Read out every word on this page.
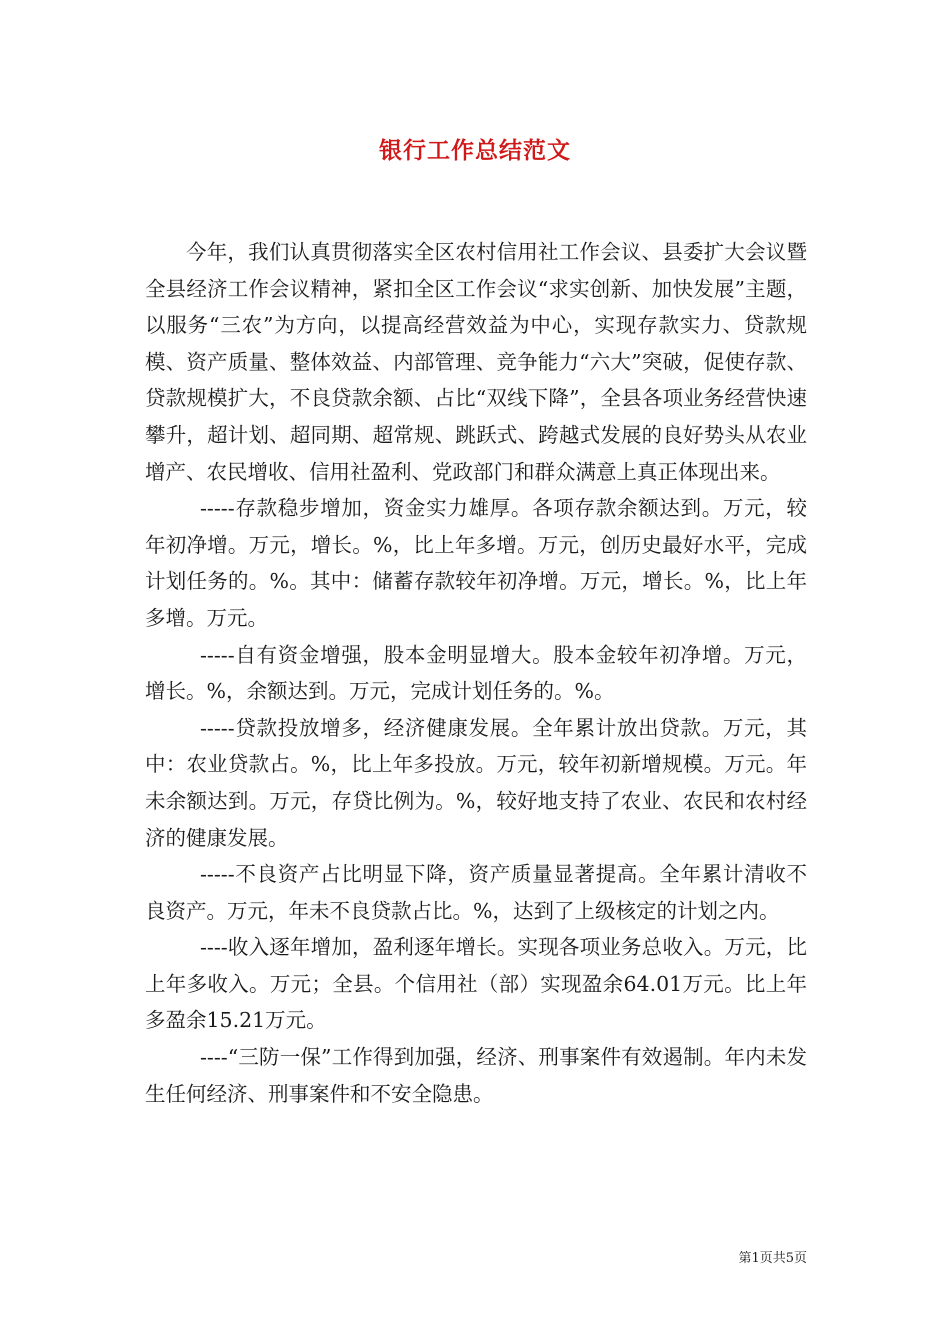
银行工作总结范文

今年，我们认真贯彻落实全区农村信用社工作会议、县委扩大会议暨全县经济工作会议精神，紧扣全区工作会议“求实创新、加快发展”主题，以服务“三农”为方向，以提高经营效益为中心，实现存款实力、贷款规模、资产质量、整体效益、内部管理、竞争能力“六大”突破，促使存款、贷款规模扩大，不良贷款余额、占比“双线下降”，全县各项业务经营快速攀升，超计划、超同期、超常规、跳跃式、跨越式发展的良好势头从农业增产、农民增收、信用社盈利、党政部门和群众满意上真正体现出来。

-----存款稳步增加，资金实力雄厚。各项存款余额达到。万元，较年初净增。万元，增长。%，比上年多增。万元，创历史最好水平，完成计划任务的。%。其中：储蓄存款较年初净增。万元，增长。%，比上年多增。万元。

-----自有资金增强，股本金明显增大。股本金较年初净增。万元，增长。%，余额达到。万元，完成计划任务的。%。

-----贷款投放增多，经济健康发展。全年累计放出贷款。万元，其中：农业贷款占。%，比上年多投放。万元，较年初新增规模。万元。年未余额达到。万元，存贷比例为。%，较好地支持了农业、农民和农村经济的健康发展。

-----不良资产占比明显下降，资产质量显著提高。全年累计清收不良资产。万元，年未不良贷款占比。%，达到了上级核定的计划之内。

----收入逐年增加，盈利逐年增长。实现各项业务总收入。万元，比上年多收入。万元；全县。个信用社（部）实现盈余64.01万元。比上年多盈余15.21万元。

----“三防一保”工作得到加强，经济、刑事案件有效遏制。年内未发生任何经济、刑事案件和不安全隐患。

第1页共5页
